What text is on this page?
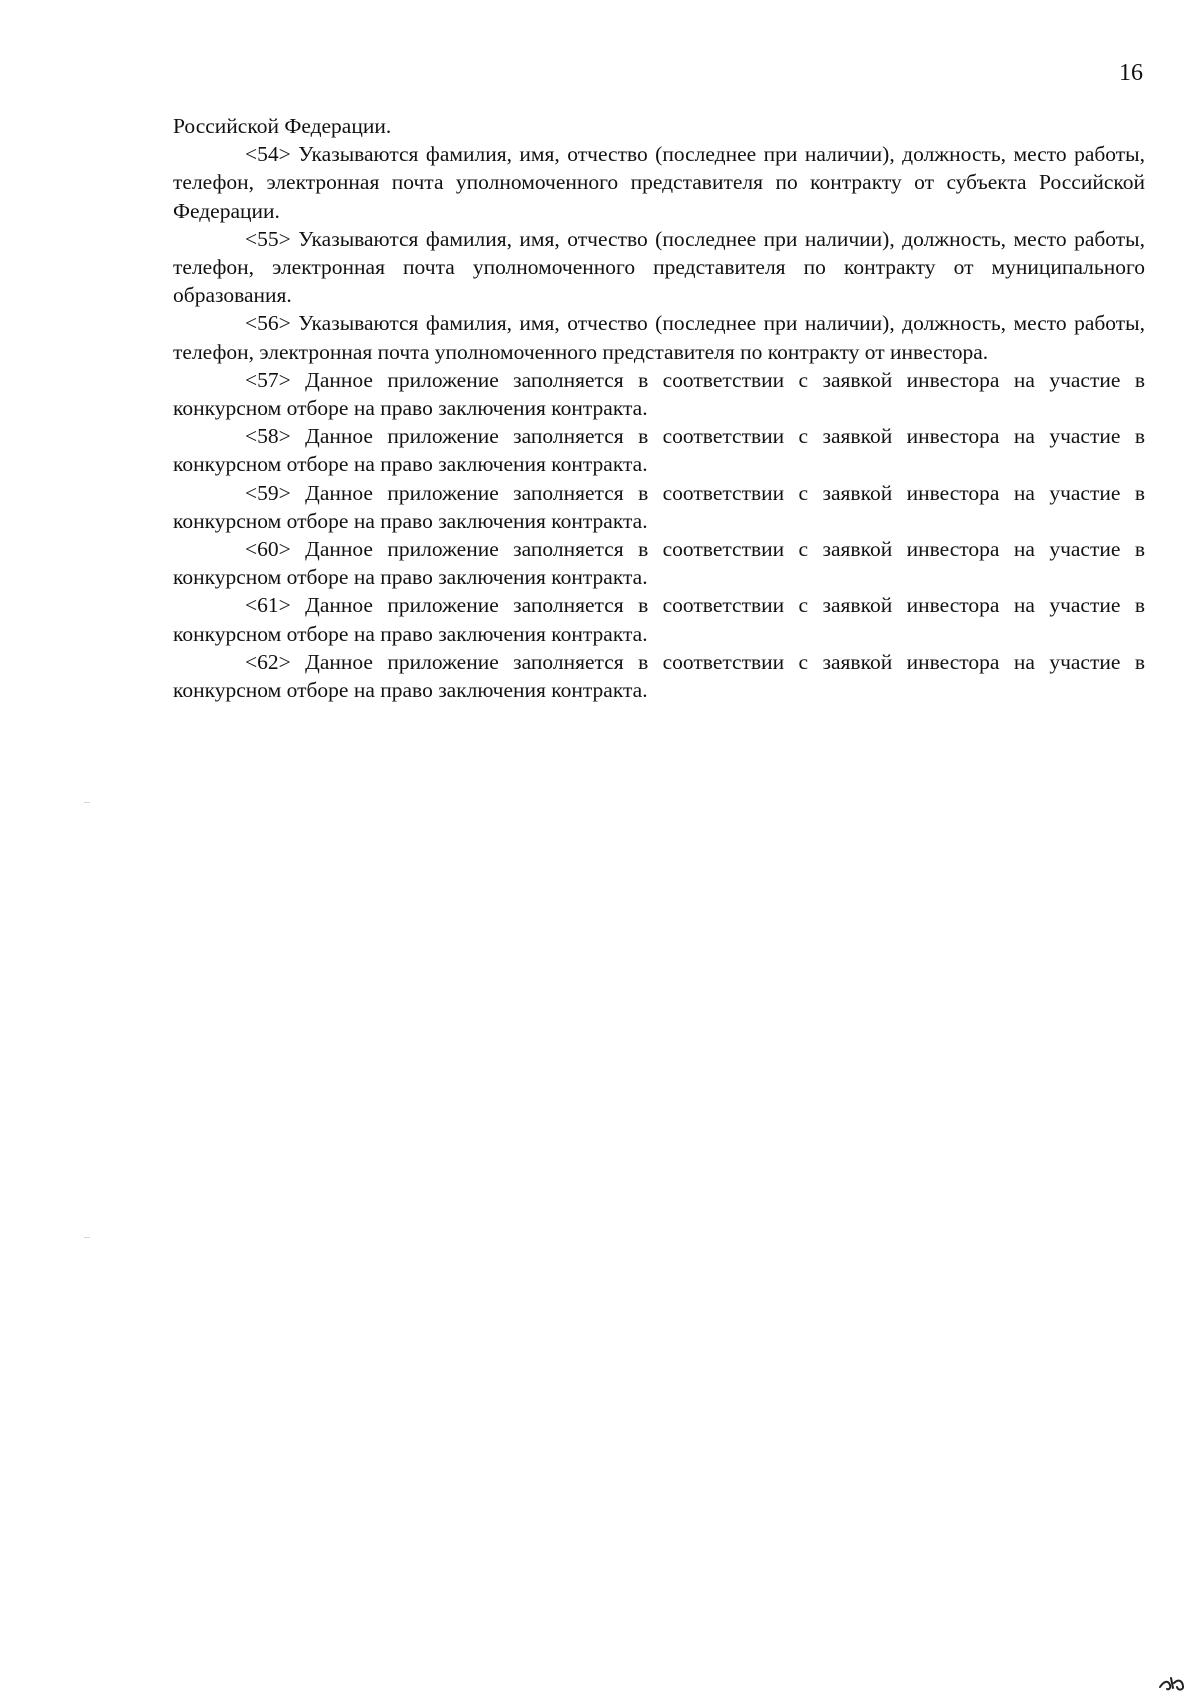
16

Российской Федерации.

<54> Указываются фамилия, имя, отчество (последнее при наличии), должность, место работы, телефон, электронная почта уполномоченного представителя по контракту от субъекта Российской Федерации.

<55> Указываются фамилия, имя, отчество (последнее при наличии), должность, место работы, телефон, электронная почта уполномоченного представителя по контракту от муниципального образования.

<56> Указываются фамилия, имя, отчество (последнее при наличии), должность, место работы, телефон, электронная почта уполномоченного представителя по контракту от инвестора.

<57> Данное приложение заполняется в соответствии с заявкой инвестора на участие в конкурсном отборе на право заключения контракта.

<58> Данное приложение заполняется в соответствии с заявкой инвестора на участие в конкурсном отборе на право заключения контракта.

<59> Данное приложение заполняется в соответствии с заявкой инвестора на участие в конкурсном отборе на право заключения контракта.

<60> Данное приложение заполняется в соответствии с заявкой инвестора на участие в конкурсном отборе на право заключения контракта.

<61> Данное приложение заполняется в соответствии с заявкой инвестора на участие в конкурсном отборе на право заключения контракта.

<62> Данное приложение заполняется в соответствии с заявкой инвестора на участие в конкурсном отборе на право заключения контракта.
